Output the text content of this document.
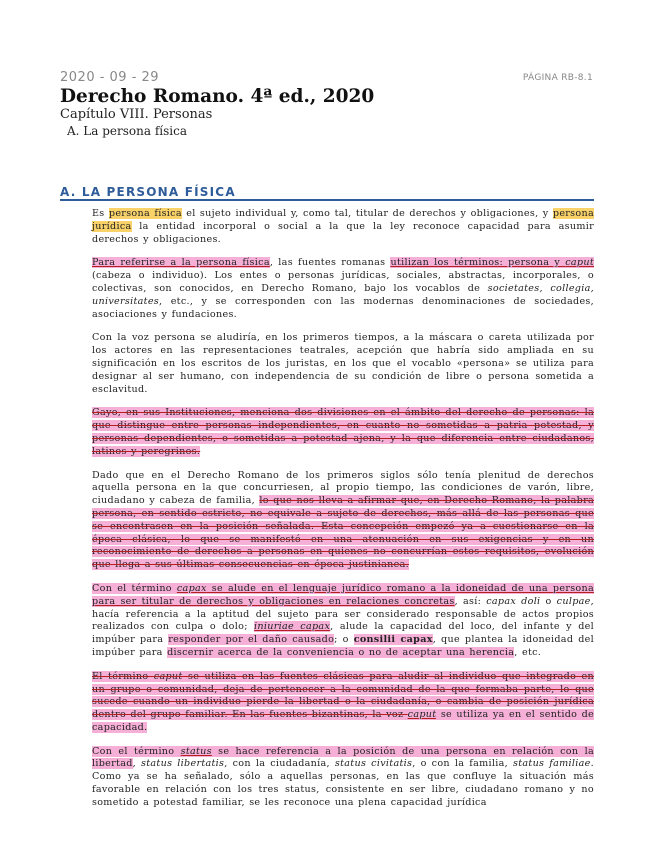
2020 - 09 - 29	PÁGINA RB-8.1
Derecho Romano. 4ª ed., 2020
Capítulo VIII. Personas
A. La persona física
A. LA PERSONA FÍSICA

Es persona física el sujeto individual y, como tal, titular de derechos y obligaciones, y persona jurídica la entidad incorporal o social a la que la ley reconoce capacidad para asumir derechos y obligaciones.

Para referirse a la persona física, las fuentes romanas utilizan los términos: persona y caput (cabeza o individuo). Los entes o personas jurídicas, sociales, abstractas, incorporales, o colectivas, son conocidos, en Derecho Romano, bajo los vocablos de societates, collegia, universitates, etc., y se corresponden con las modernas denominaciones de sociedades, asociaciones y fundaciones.

Con la voz persona se aludiría, en los primeros tiempos, a la máscara o careta utilizada por los actores en las representaciones teatrales, acepción que habría sido ampliada en su significación en los escritos de los juristas, en los que el vocablo «persona» se utiliza para designar al ser humano, con independencia de su condición de libre o persona sometida a esclavitud.

Gayo, en sus Instituciones, menciona dos divisiones en el ámbito del derecho de personas: la que distingue entre personas independientes, en cuanto no sometidas a patria potestad, y personas dependientes, o sometidas a potestad ajena, y la que diferencia entre ciudadanos, latinos y peregrinos.

Dado que en el Derecho Romano de los primeros siglos sólo tenía plenitud de derechos aquella persona en la que concurriesen, al propio tiempo, las condiciones de varón, libre, ciudadano y cabeza de familia, lo que nos lleva a afirmar que, en Derecho Romano, la palabra persona, en sentido estricto, no equivale a sujeto de derechos, más allá de las personas que se encontrasen en la posición señalada. Esta concepción empezó ya a cuestionarse en la época clásica, lo que se manifestó en una atenuación en sus exigencias y en un reconocimiento de derechos a personas en quienes no concurrían estos requisitos, evolución que llega a sus últimas consecuencias en época justinianea.

Con el término capax se alude en el lenguaje jurídico romano a la idoneidad de una persona para ser titular de derechos y obligaciones en relaciones concretas, así: capax doli o culpae, hacía referencia a la aptitud del sujeto para ser considerado responsable de actos propios realizados con culpa o dolo; iniuriae capax, alude la capacidad del loco, del infante y del impúber para responder por el daño causado; o consilii capax, que plantea la idoneidad del impúber para discernir acerca de la conveniencia o no de aceptar una herencia, etc.

El término caput se utiliza en las fuentes clásicas para aludir al individuo que integrado en un grupo o comunidad, deja de pertenecer a la comunidad de la que formaba parte, lo que sucede cuando un individuo pierde la libertad o la ciudadanía, o cambia de posición jurídica dentro del grupo familiar. En las fuentes bizantinas, la voz caput se utiliza ya en el sentido de capacidad.

Con el término status se hace referencia a la posición de una persona en relación con la libertad, status libertatis, con la ciudadanía, status civitatis, o con la familia, status familiae. Como ya se ha señalado, sólo a aquellas personas, en las que confluye la situación más favorable en relación con los tres status, consistente en ser libre, ciudadano romano y no sometido a potestad familiar, se les reconoce una plena capacidad jurídica
